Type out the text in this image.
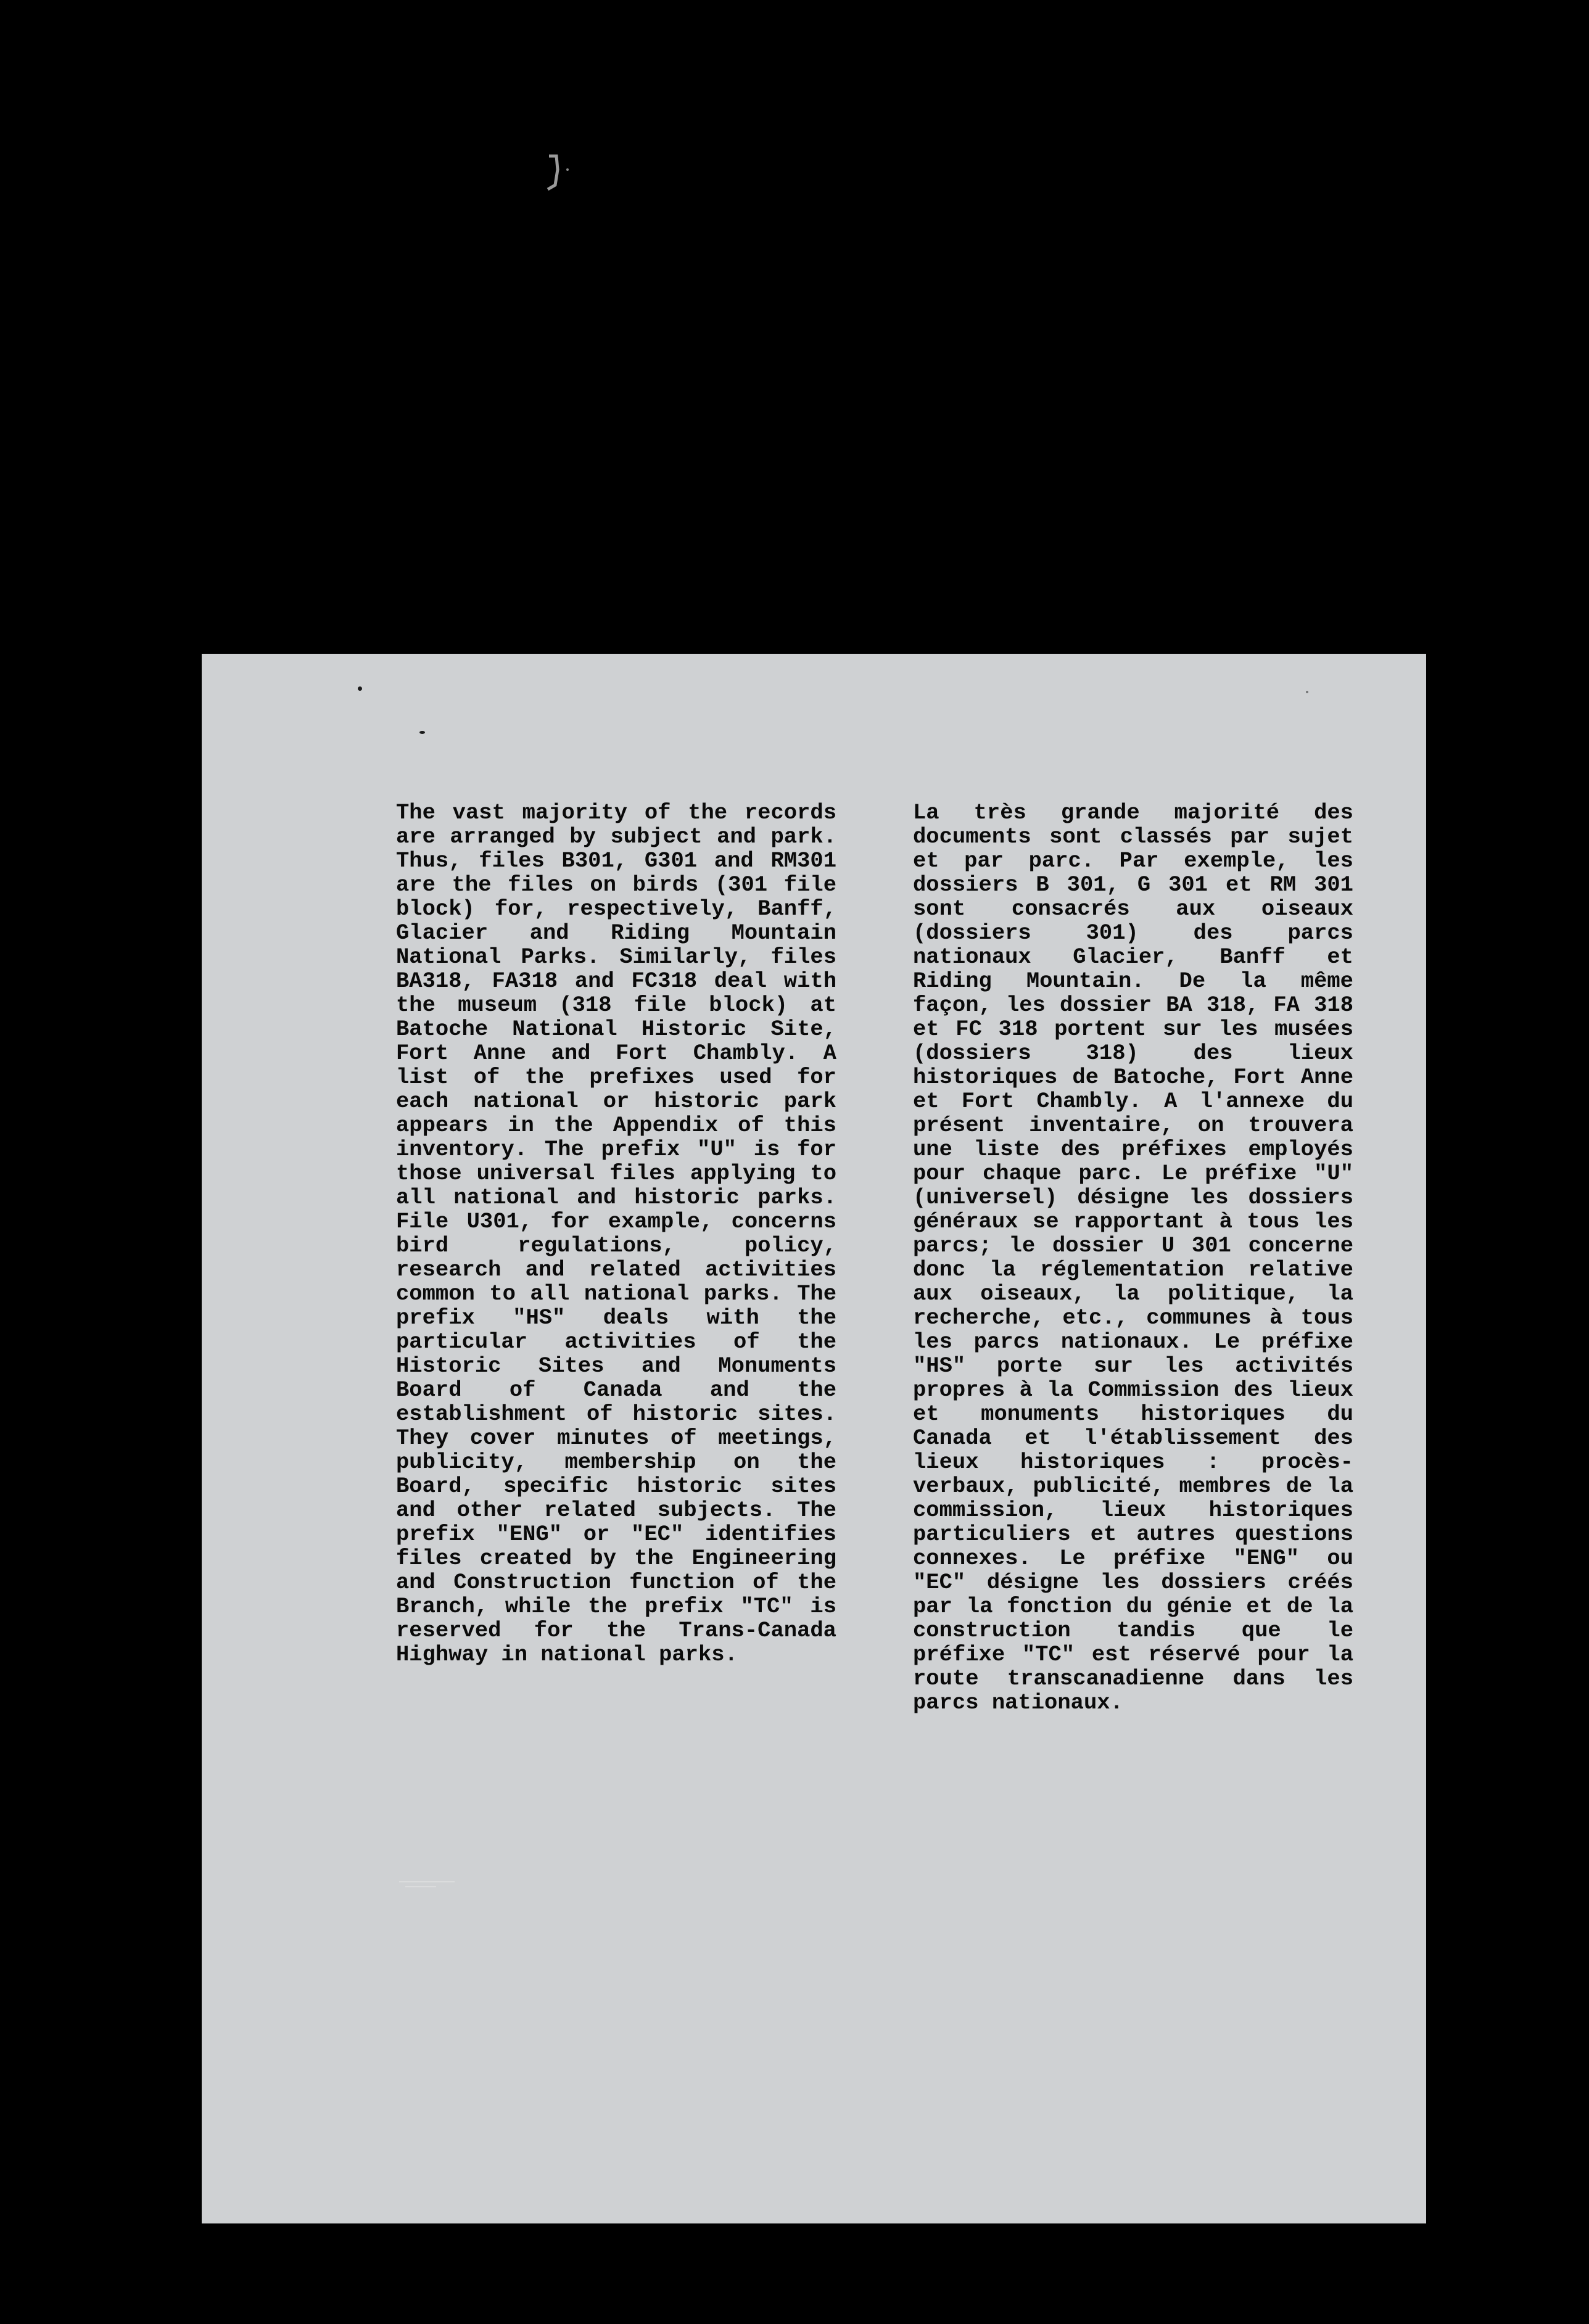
The vast majority of the records are arranged by subject and park. Thus, files B301, G301 and RM301 are the files on birds (301 file block) for, respectively, Banff, Glacier and Riding Mountain National Parks. Similarly, files BA318, FA318 and FC318 deal with the museum (318 file block) at Batoche National Historic Site, Fort Anne and Fort Chambly. A list of the prefixes used for each national or historic park appears in the Appendix of this inventory. The prefix "U" is for those universal files applying to all national and historic parks. File U301, for example, concerns bird regulations, policy, research and related activities common to all national parks. The prefix "HS" deals with the particular activities of the Historic Sites and Monuments Board of Canada and the establishment of historic sites. They cover minutes of meetings, publicity, membership on the Board, specific historic sites and other related subjects. The prefix "ENG" or "EC" identifies files created by the Engineering and Construction function of the Branch, while the prefix "TC" is reserved for the Trans-Canada Highway in national parks.
La très grande majorité des documents sont classés par sujet et par parc. Par exemple, les dossiers B 301, G 301 et RM 301 sont consacrés aux oiseaux (dossiers 301) des parcs nationaux Glacier, Banff et Riding Mountain. De la même façon, les dossier BA 318, FA 318 et FC 318 portent sur les musées (dossiers 318) des lieux historiques de Batoche, Fort Anne et Fort Chambly. A l'annexe du présent inventaire, on trouvera une liste des préfixes employés pour chaque parc. Le préfixe "U" (universel) désigne les dossiers généraux se rapportant à tous les parcs; le dossier U 301 concerne donc la réglementation relative aux oiseaux, la politique, la recherche, etc., communes à tous les parcs nationaux. Le préfixe "HS" porte sur les activités propres à la Commission des lieux et monuments historiques du Canada et l'établissement des lieux historiques : procès-verbaux, publicité, membres de la commission, lieux historiques particuliers et autres questions connexes. Le préfixe "ENG" ou "EC" désigne les dossiers créés par la fonction du génie et de la construction tandis que le préfixe "TC" est réservé pour la route transcanadienne dans les parcs nationaux.
